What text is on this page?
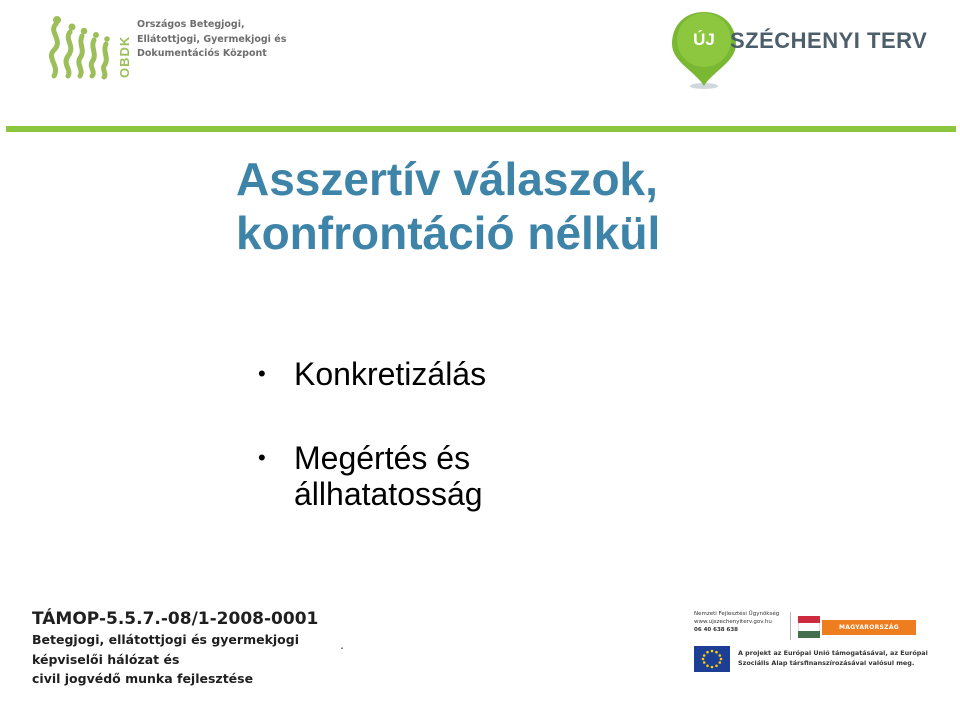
OBDK
Országos Betegjogi,
Ellátottjogi, Gyermekjogi és
Dokumentációs Központ
ÚJ SZÉCHENYI TERV
Asszertív válaszok,
konfrontáció nélkül
• Konkretizálás
• Megértés és
állhatatosság
TÁMOP-5.5.7.-08/1-2008-0001
Betegjogi, ellátottjogi és gyermekjogi
képviselői hálózat és
civil jogvédő munka fejlesztése
.
Nemzeti Fejlesztési Ügynökség
www.ujszechenyiterv.gov.hu
06 40 638 638	MAGYARORSZÁG MEGÚJUL
A projekt az Európai Unió támogatásával, az Európai
Szociális Alap társfinanszírozásával valósul meg.
